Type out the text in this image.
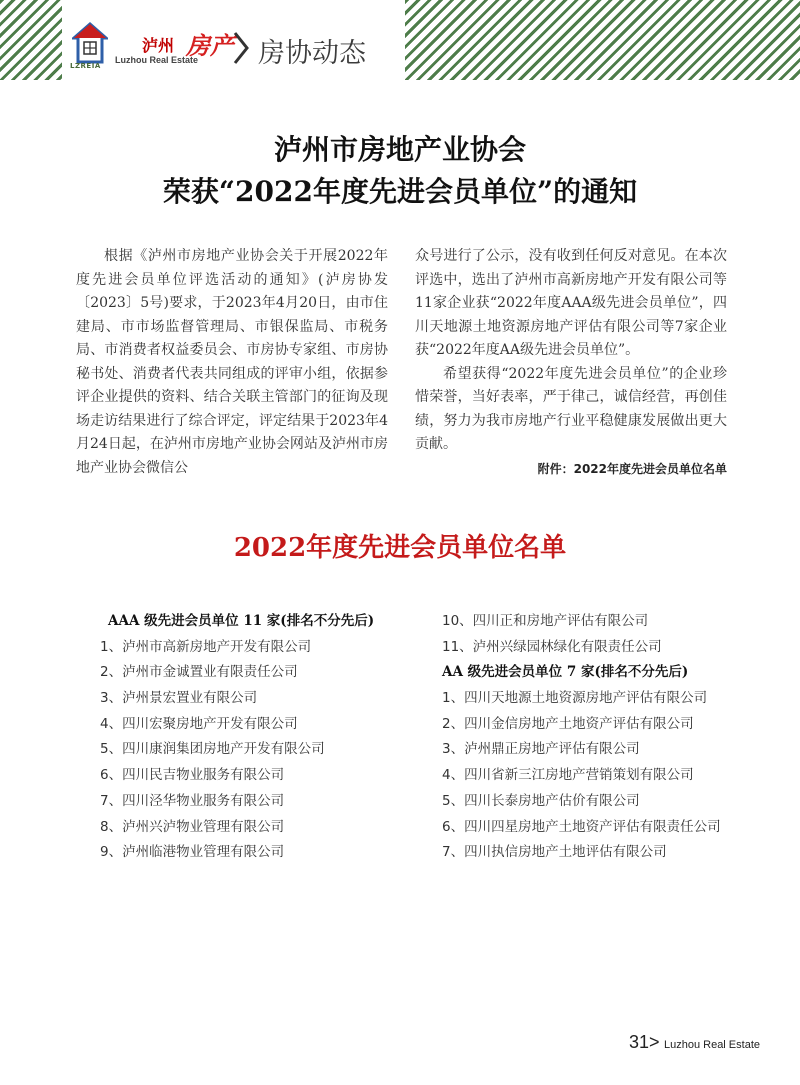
LZREIA
泸州 房产
Luzhou Real Estate 房协动态
泸州市房地产业协会
荣获“2022年度先进会员单位”的通知

根据《泸州市房地产业协会关于开展2022年度先进会员单位评选活动的通知》(泸房协发〔2023〕5号)要求，于2023年4月20日，由市住建局、市市场监督管理局、市银保监局、市税务局、市消费者权益委员会、市房协专家组、市房协秘书处、消费者代表共同组成的评审小组，依据参评企业提供的资料、结合关联主管部门的征询及现场走访结果进行了综合评定，评定结果于2023年4月24日起，在泸州市房地产业协会网站及泸州市房地产业协会微信公

众号进行了公示，没有收到任何反对意见。在本次评选中，选出了泸州市高新房地产开发有限公司等11家企业获“2022年度AAA级先进会员单位”，四川天地源土地资源房地产评估有限公司等7家企业获“2022年度AA级先进会员单位”。

希望获得“2022年度先进会员单位”的企业珍惜荣誉，当好表率，严于律己，诚信经营，再创佳绩，努力为我市房地产行业平稳健康发展做出更大贡献。

附件：2022年度先进会员单位名单
2022年度先进会员单位名单
AAA 级先进会员单位 11 家(排名不分先后)
1、泸州市高新房地产开发有限公司
2、泸州市金诚置业有限责任公司
3、泸州景宏置业有限公司
4、四川宏聚房地产开发有限公司
5、四川康润集团房地产开发有限公司
6、四川民吉物业服务有限公司
7、四川泾华物业服务有限公司
8、泸州兴泸物业管理有限公司
9、泸州临港物业管理有限公司
10、四川正和房地产评估有限公司
11、泸州兴绿园林绿化有限责任公司
AA 级先进会员单位 7 家(排名不分先后)
1、四川天地源土地资源房地产评估有限公司
2、四川金信房地产土地资产评估有限公司
3、泸州鼎正房地产评估有限公司
4、四川省新三江房地产营销策划有限公司
5、四川长泰房地产估价有限公司
6、四川四星房地产土地资产评估有限责任公司
7、四川执信房地产土地评估有限公司
31> Luzhou Real Estate
